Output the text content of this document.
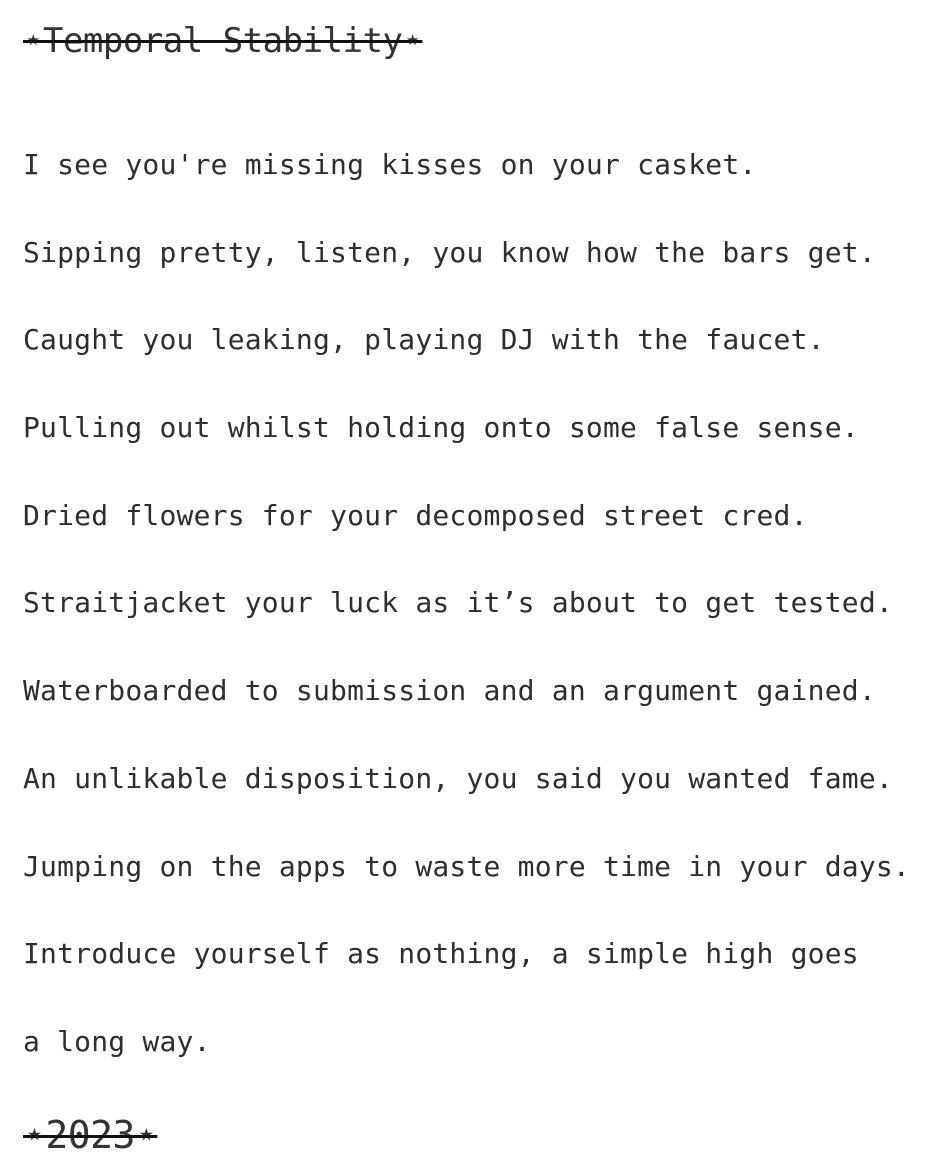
⋆Temporal Stability⋆
I see you're missing kisses on your casket.
Sipping pretty, listen, you know how the bars get.
Caught you leaking, playing DJ with the faucet.
Pulling out whilst holding onto some false sense.
Dried flowers for your decomposed street cred.
Straitjacket your luck as it’s about to get tested.
Waterboarded to submission and an argument gained.
An unlikable disposition, you said you wanted fame.
Jumping on the apps to waste more time in your days.
Introduce yourself as nothing, a simple high goes
a long way.
⋆2023⋆
